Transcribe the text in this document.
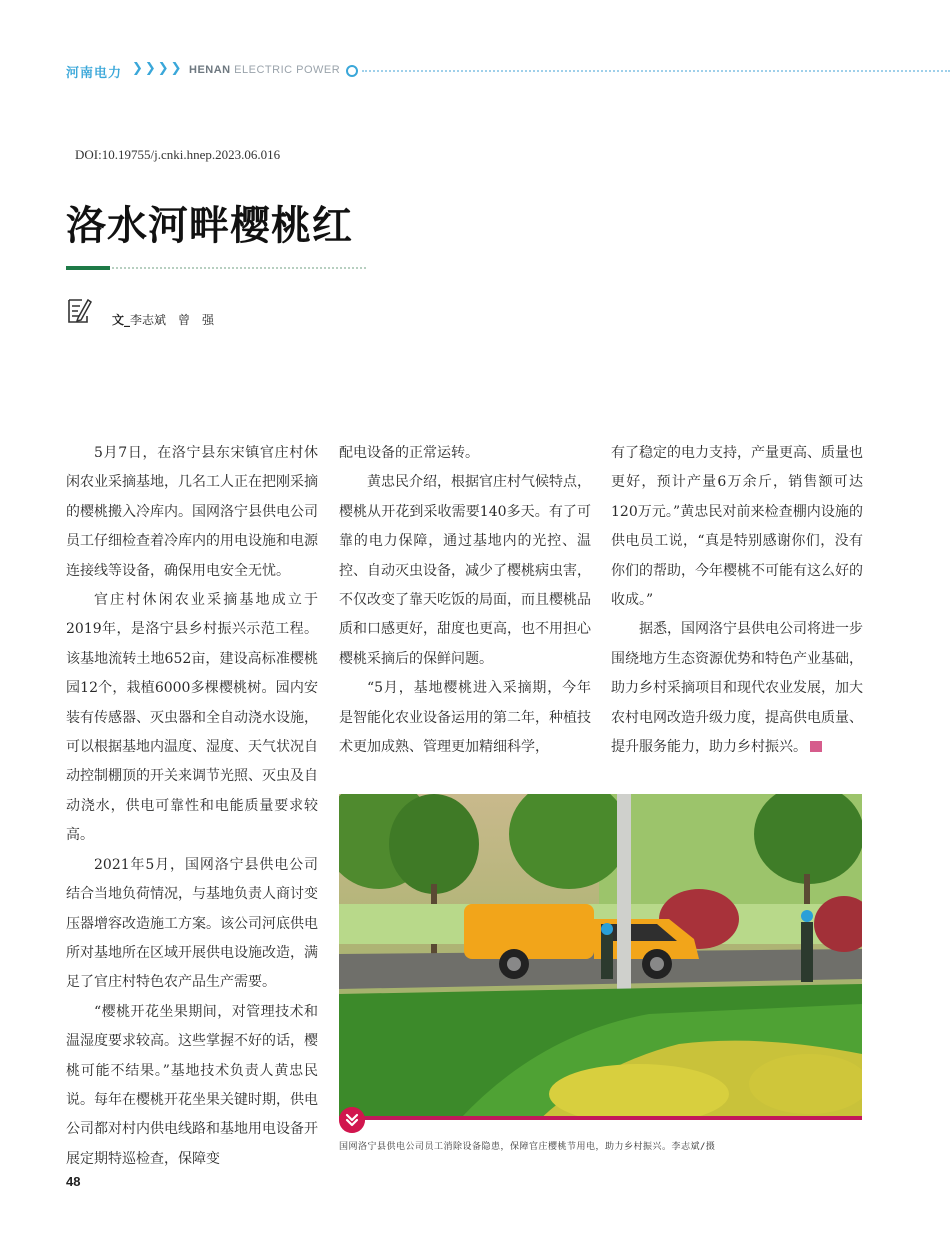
河南电力 ❯❯❯❯ HENAN ELECTRIC POWER
DOI:10.19755/j.cnki.hnep.2023.06.016
洛水河畔樱桃红
文_李志斌　曾　强

5月7日，在洛宁县东宋镇官庄村休闲农业采摘基地，几名工人正在把刚采摘的樱桃搬入冷库内。国网洛宁县供电公司员工仔细检查着冷库内的用电设施和电源连接线等设备，确保用电安全无忧。

官庄村休闲农业采摘基地成立于2019年，是洛宁县乡村振兴示范工程。该基地流转土地652亩，建设高标准樱桃园12个，栽植6000多棵樱桃树。园内安装有传感器、灭虫器和全自动浇水设施，可以根据基地内温度、湿度、天气状况自动控制棚顶的开关来调节光照、灭虫及自动浇水，供电可靠性和电能质量要求较高。

2021年5月，国网洛宁县供电公司结合当地负荷情况，与基地负责人商讨变压器增容改造施工方案。该公司河底供电所对基地所在区域开展供电设施改造，满足了官庄村特色农产品生产需要。

“樱桃开花坐果期间，对管理技术和温湿度要求较高。这些掌握不好的话，樱桃可能不结果。”基地技术负责人黄忠民说。每年在樱桃开花坐果关键时期，供电公司都对村内供电线路和基地用电设备开展定期特巡检查，保障变

配电设备的正常运转。

黄忠民介绍，根据官庄村气候特点，樱桃从开花到采收需要140多天。有了可靠的电力保障，通过基地内的光控、温控、自动灭虫设备，减少了樱桃病虫害，不仅改变了靠天吃饭的局面，而且樱桃品质和口感更好，甜度也更高，也不用担心樱桃采摘后的保鲜问题。

“5月，基地樱桃进入采摘期，今年是智能化农业设备运用的第二年，种植技术更加成熟、管理更加精细科学，

有了稳定的电力支持，产量更高、质量也更好，预计产量6万余斤，销售额可达120万元。”黄忠民对前来检查棚内设施的供电员工说，“真是特别感谢你们，没有你们的帮助，今年樱桃不可能有这么好的收成。”

据悉，国网洛宁县供电公司将进一步围绕地方生态资源优势和特色产业基础，助力乡村采摘项目和现代农业发展，加大农村电网改造升级力度，提高供电质量、提升服务能力，助力乡村振兴。

国网洛宁县供电公司员工消除设备隐患，保障官庄樱桃节用电，助力乡村振兴。李志斌/摄
48
